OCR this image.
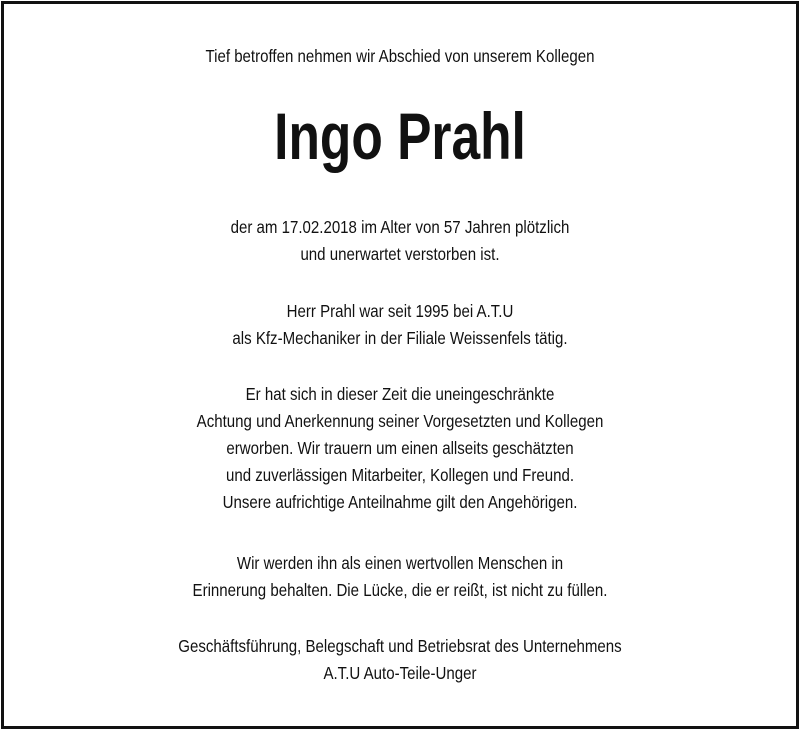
Tief betroffen nehmen wir Abschied von unserem Kollegen
Ingo Prahl
der am 17.02.2018 im Alter von 57 Jahren plötzlich
und unerwartet verstorben ist.
Herr Prahl war seit 1995 bei A.T.U
als Kfz-Mechaniker in der Filiale Weissenfels tätig.
Er hat sich in dieser Zeit die uneingeschränkte
Achtung und Anerkennung seiner Vorgesetzten und Kollegen
erworben. Wir trauern um einen allseits geschätzten
und zuverlässigen Mitarbeiter, Kollegen und Freund.
Unsere aufrichtige Anteilnahme gilt den Angehörigen.
Wir werden ihn als einen wertvollen Menschen in
Erinnerung behalten. Die Lücke, die er reißt, ist nicht zu füllen.
Geschäftsführung, Belegschaft und Betriebsrat des Unternehmens
A.T.U Auto-Teile-Unger
